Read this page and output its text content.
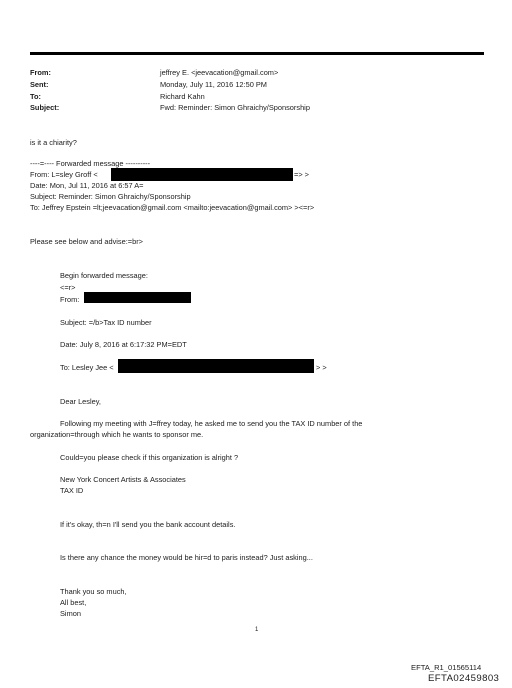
From:	jeffrey E. <jeevacation@gmail.com>
Sent:	Monday, July 11, 2016 12:50 PM
To:	Richard Kahn
Subject:	Fwd: Reminder: Simon Ghraichy/Sponsorship
is it a chiarity?
----=---- Forwarded message ----------
From: L=sley Groff <	=> >
Date: Mon, Jul 11, 2016 at 6:57 A=
Subject: Reminder: Simon Ghraichy/Sponsorship
To: Jeffrey Epstein =lt;jeevacation@gmail.com <mailto:jeevacation@gmail.com> ><=r>
Please see below and advise:=br>
Begin forwarded message:
<=r>
From:
Subject: =/b>Tax ID number
Date: July 8, 2016 at 6:17:32 PM=EDT
To: Lesley Jee <	> >
Dear Lesley,
Following my meeting with J=ffrey today, he asked me to send you the TAX ID number of the
organization=through which he wants to sponsor me.
Could=you please check if this organization is alright ?
New York Concert Artists & Associates
TAX ID
If it's okay, th=n I'll send you the bank account details.
Is there any chance the money would be hir=d to paris instead? Just asking...
Thank you so much,
All best,
Simon
1
EFTA_R1_01565114
EFTA02459803
